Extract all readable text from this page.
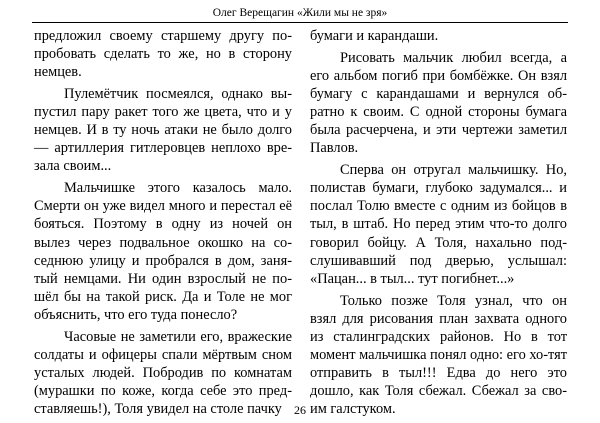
Олег Верещагин «Жили мы не зря»

предложил своему старшему другу по-пробовать сделать то же, но в сторону немцев.

Пулемётчик посмеялся, однако вы-пустил пару ракет того же цвета, что и у немцев. И в ту ночь атаки не было долго — артиллерия гитлеровцев неплохо вре-зала своим...

Мальчишке этого казалось мало. Смерти он уже видел много и перестал её бояться. Поэтому в одну из ночей он вылез через подвальное окошко на со-седнюю улицу и пробрался в дом, заня-тый немцами. Ни один взрослый не по-шёл бы на такой риск. Да и Толе не мог объяснить, что его туда понесло?

Часовые не заметили его, вражеские солдаты и офицеры спали мёртвым сном усталых людей. Побродив по комнатам (мурашки по коже, когда себе это пред-ставляешь!), Толя увидел на столе пачку

бумаги и карандаши.

Рисовать мальчик любил всегда, а его альбом погиб при бомбёжке. Он взял бумагу с карандашами и вернулся об-ратно к своим. С одной стороны бумага была расчерчена, и эти чертежи заметил Павлов.

Сперва он отругал мальчишку. Но, полистав бумаги, глубоко задумался... и послал Толю вместе с одним из бойцов в тыл, в штаб. Но перед этим что-то долго говорил бойцу. А Толя, нахально под-слушивавший под дверью, услышал: «Пацан... в тыл... тут погибнет...»

Только позже Толя узнал, что он взял для рисования план захвата одного из сталинградских районов. Но в тот момент мальчишка понял одно: его хо-тят отправить в тыл!!! Едва до него это дошло, как Толя сбежал. Сбежал за сво-им галстуком.

26
